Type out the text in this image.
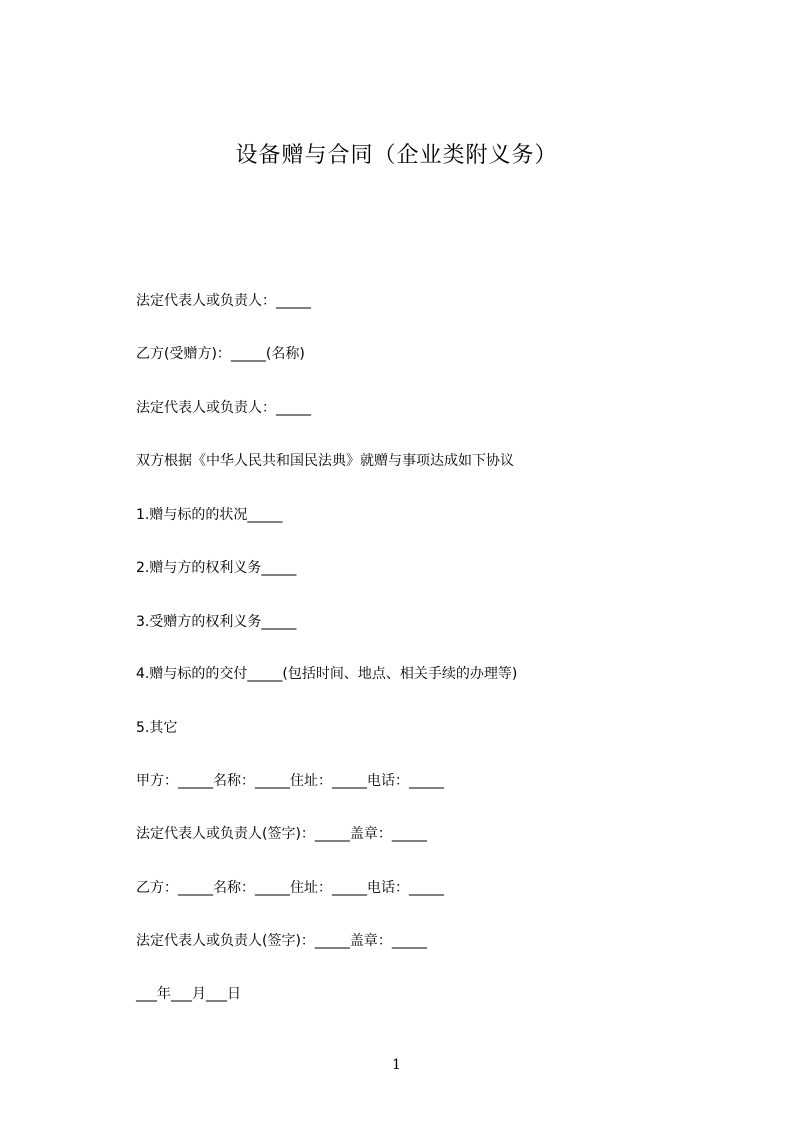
设备赠与合同（企业类附义务）
法定代表人或负责人：_____
乙方(受赠方)：_____(名称)
法定代表人或负责人：_____
双方根据《中华人民共和国民法典》就赠与事项达成如下协议
1.赠与标的的状况_____
2.赠与方的权利义务_____
3.受赠方的权利义务_____
4.赠与标的的交付_____(包括时间、地点、相关手续的办理等)
5.其它
甲方：_____名称：_____住址：_____电话：_____
法定代表人或负责人(签字)：_____盖章：_____
乙方：_____名称：_____住址：_____电话：_____
法定代表人或负责人(签字)：_____盖章：_____
___年___月___日
1
